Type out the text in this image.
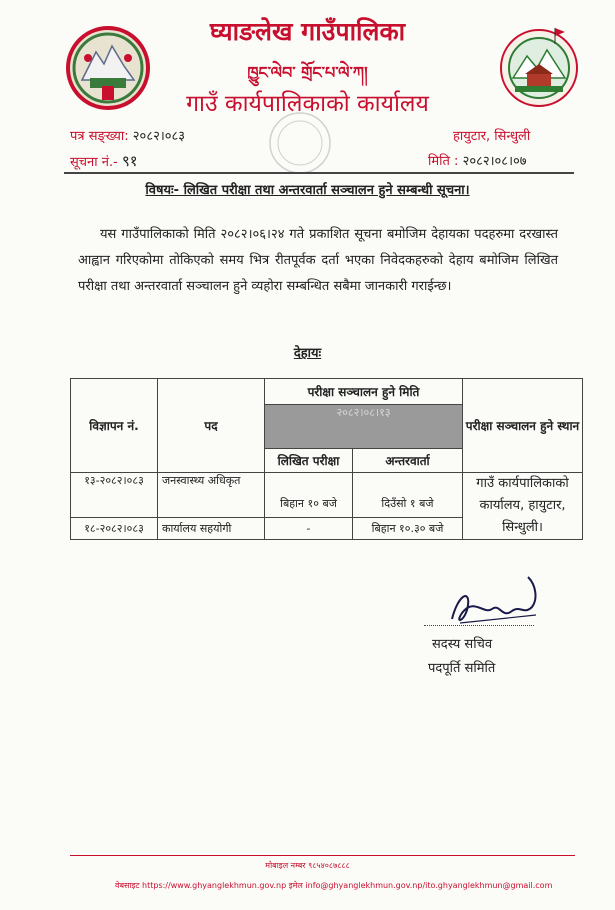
घ्याङलेख गाउँपालिका
ཁྱུང་ལེབ་ གྲོང་པ་ལེ་ཀ།
गाउँ कार्यपालिकाको कार्यालय
पत्र सङ्ख्या: २०८२।०८३
सूचना नं.- ९१
हायुटार, सिन्धुली
मिति : २०८२।०८।०७
विषयः- लिखित परीक्षा तथा अन्तरवार्ता सञ्चालन हुने सम्बन्धी सूचना।
यस गाउँपालिकाको मिति २०८२।०६।२४ गते प्रकाशित सूचना बमोजिम देहायका पदहरुमा दरखास्त आह्वान गरिएकोमा तोकिएको समय भित्र रीतपूर्वक दर्ता भएका निवेदकहरुको देहाय बमोजिम लिखित परीक्षा तथा अन्तरवार्ता सञ्चालन हुने व्यहोरा सम्बन्धित सबैमा जानकारी गराईन्छ।
देहायः
विज्ञापन नं.	पद	परीक्षा सञ्चालन हुने मिति		परीक्षा सञ्चालन हुने स्थान
		२०८२।०८।१३		
		लिखित परीक्षा	अन्तरवार्ता	
१३-२०८२।०८३	जनस्वास्थ्य अधिकृत	बिहान १० बजे	दिउँसो १ बजे	गाउँ कार्यपालिकाको कार्यालय, हायुटार, सिन्धुली।
१८-२०८२।०८३	कार्यालय सहयोगी	-	बिहान १०.३० बजे	
सदस्य सचिव
पदपूर्ति समिति
मोबाइल नम्बर ९८५४०८७८८८
वेबसाइट https://www.ghyanglekhmun.gov.np इमेल info@ghyanglekhmun.gov.np/ito.ghyanglekhmun@gmail.com
